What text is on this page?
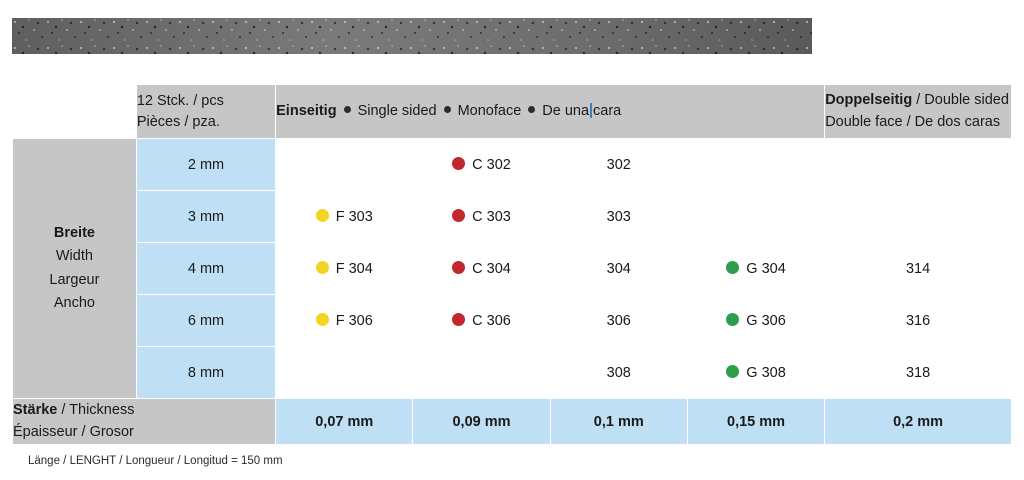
12 Stck. / pcs
Pièces / pza.
	Einseitig Single sided Monoface De una cara	
Doppelseitig / Double sided
Double face / De dos caras

Breite
Width
Largeur
Ancho	2 mm		C 302	302		
	3 mm	F 303	C 303	303		
	4 mm	F 304	C 304	304	G 304	314
	6 mm	F 306	C 306	306	G 306	316
	8 mm			308	G 308	318

Stärke / Thickness
Épaisseur / Grosor		0,07 mm	0,09 mm	0,1 mm	0,15 mm	0,2 mm
Länge / LENGHT / Longueur / Longitud = 150 mm
